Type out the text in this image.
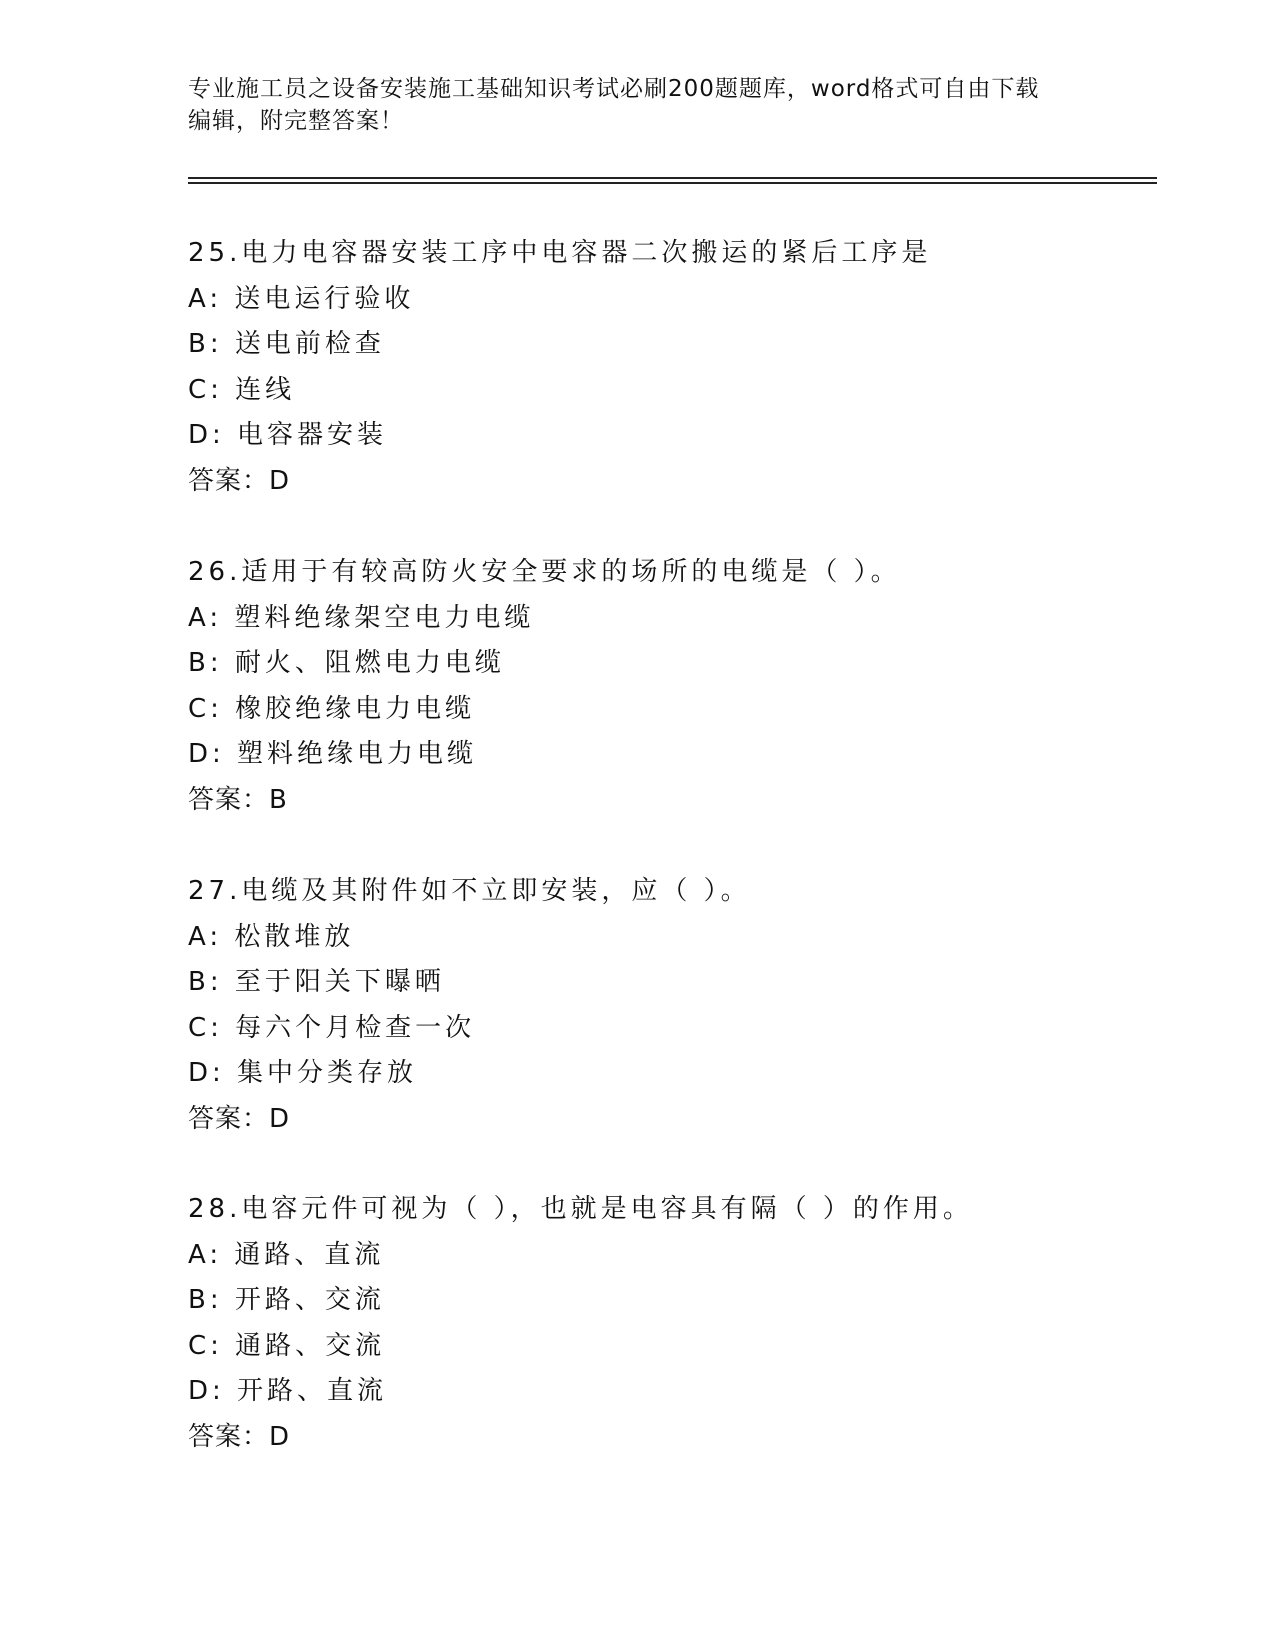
专业施工员之设备安装施工基础知识考试必刷200题题库，word格式可自由下载
编辑，附完整答案！
25.电力电容器安装工序中电容器二次搬运的紧后工序是
A: 送电运行验收
B: 送电前检查
C: 连线
D: 电容器安装
答案：D
26.适用于有较高防火安全要求的场所的电缆是（ ）。
A: 塑料绝缘架空电力电缆
B: 耐火、阻燃电力电缆
C: 橡胶绝缘电力电缆
D: 塑料绝缘电力电缆
答案：B
27.电缆及其附件如不立即安装，应（ ）。
A: 松散堆放
B: 至于阳关下曝晒
C: 每六个月检查一次
D: 集中分类存放
答案：D
28.电容元件可视为（ ），也就是电容具有隔（ ）的作用。
A: 通路、直流
B: 开路、交流
C: 通路、交流
D: 开路、直流
答案：D
